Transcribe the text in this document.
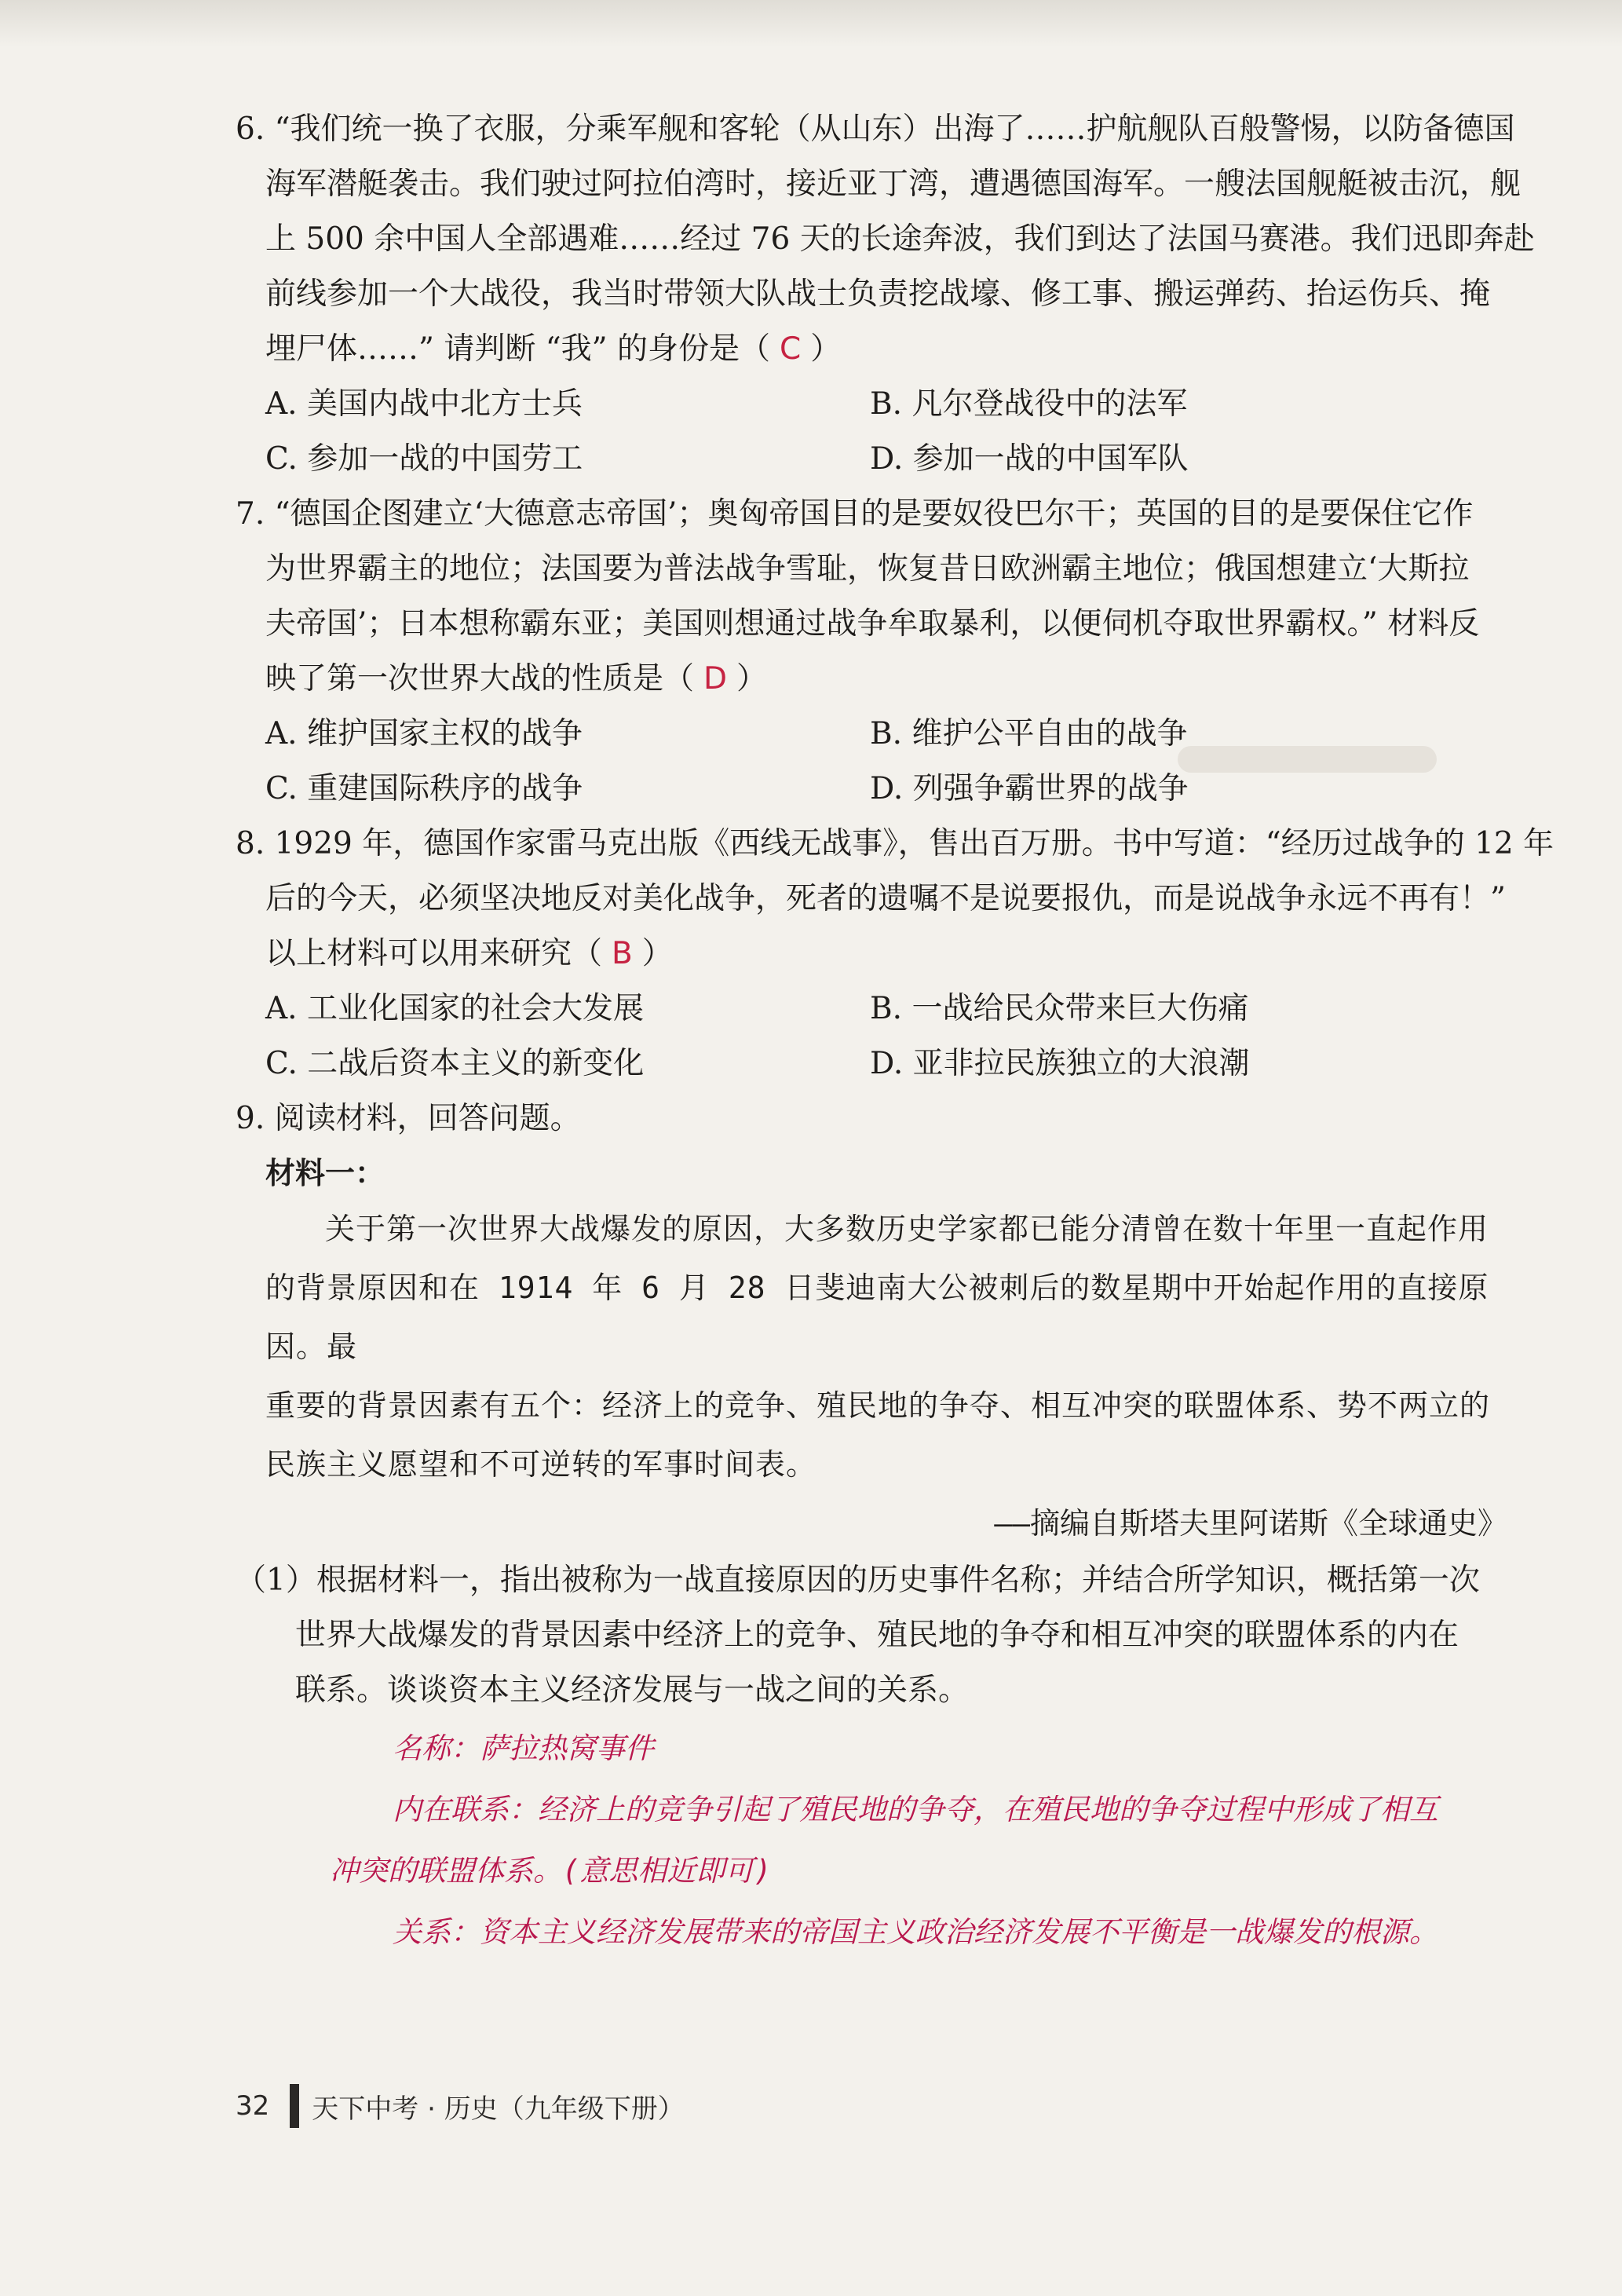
6. “我们统一换了衣服，分乘军舰和客轮（从山东）出海了……护航舰队百般警惕，以防备德国
海军潜艇袭击。我们驶过阿拉伯湾时，接近亚丁湾，遭遇德国海军。一艘法国舰艇被击沉，舰
上 500 余中国人全部遇难……经过 76 天的长途奔波，我们到达了法国马赛港。我们迅即奔赴
前线参加一个大战役，我当时带领大队战士负责挖战壕、修工事、搬运弹药、抬运伤兵、掩
埋尸体……” 请判断 “我” 的身份是（ C ）
A. 美国内战中北方士兵	B. 凡尔登战役中的法军
C. 参加一战的中国劳工	D. 参加一战的中国军队
7. “德国企图建立‘大德意志帝国’；奥匈帝国目的是要奴役巴尔干；英国的目的是要保住它作
为世界霸主的地位；法国要为普法战争雪耻，恢复昔日欧洲霸主地位；俄国想建立‘大斯拉
夫帝国’；日本想称霸东亚；美国则想通过战争牟取暴利，以便伺机夺取世界霸权。” 材料反
映了第一次世界大战的性质是（ D ）
A. 维护国家主权的战争	B. 维护公平自由的战争
C. 重建国际秩序的战争	D. 列强争霸世界的战争
8. 1929 年，德国作家雷马克出版《西线无战事》，售出百万册。书中写道：“经历过战争的 12 年
后的今天，必须坚决地反对美化战争，死者的遗嘱不是说要报仇，而是说战争永远不再有！”
以上材料可以用来研究（ B ）
A. 工业化国家的社会大发展	B. 一战给民众带来巨大伤痛
C. 二战后资本主义的新变化	D. 亚非拉民族独立的大浪潮
9. 阅读材料，回答问题。
材料一：
关于第一次世界大战爆发的原因，大多数历史学家都已能分清曾在数十年里一直起作用
的背景原因和在 1914 年 6 月 28 日斐迪南大公被刺后的数星期中开始起作用的直接原因。最
重要的背景因素有五个：经济上的竞争、殖民地的争夺、相互冲突的联盟体系、势不两立的
民族主义愿望和不可逆转的军事时间表。
——摘编自斯塔夫里阿诺斯《全球通史》
（1）根据材料一，指出被称为一战直接原因的历史事件名称；并结合所学知识，概括第一次
世界大战爆发的背景因素中经济上的竞争、殖民地的争夺和相互冲突的联盟体系的内在
联系。谈谈资本主义经济发展与一战之间的关系。
名称：萨拉热窝事件
内在联系：经济上的竞争引起了殖民地的争夺，在殖民地的争夺过程中形成了相互
冲突的联盟体系。(意思相近即可)
关系：资本主义经济发展带来的帝国主义政治经济发展不平衡是一战爆发的根源。
32 天下中考 · 历史（九年级下册）
